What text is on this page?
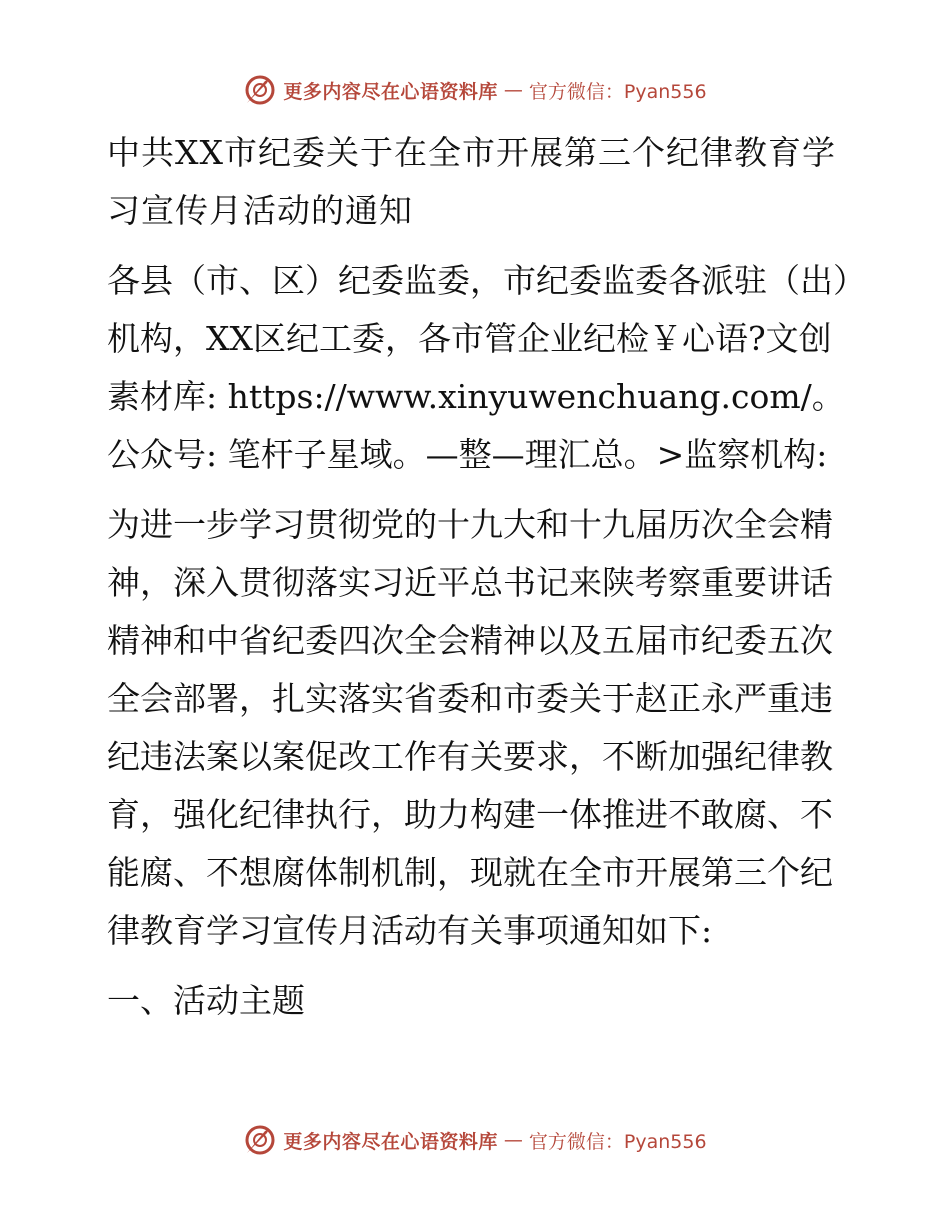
更多内容尽在心语资料库 — 官方微信：Pyan556

中共XX市纪委关于在全市开展第三个纪律教育学习宣传月活动的通知

各县（市、区）纪委监委，市纪委监委各派驻（出）机构，XX区纪工委，各市管企业纪检￥心语?文创素材库: https://www.xinyuwenchuang.com/。公众号: 笔杆子星域。—整—理汇总。>监察机构:

为进一步学习贯彻党的十九大和十九届历次全会精神，深入贯彻落实习近平总书记来陕考察重要讲话精神和中省纪委四次全会精神以及五届市纪委五次全会部署，扎实落实省委和市委关于赵正永严重违纪违法案以案促改工作有关要求，不断加强纪律教育，强化纪律执行，助力构建一体推进不敢腐、不能腐、不想腐体制机制，现就在全市开展第三个纪律教育学习宣传月活动有关事项通知如下:

一、活动主题

更多内容尽在心语资料库 — 官方微信：Pyan556
